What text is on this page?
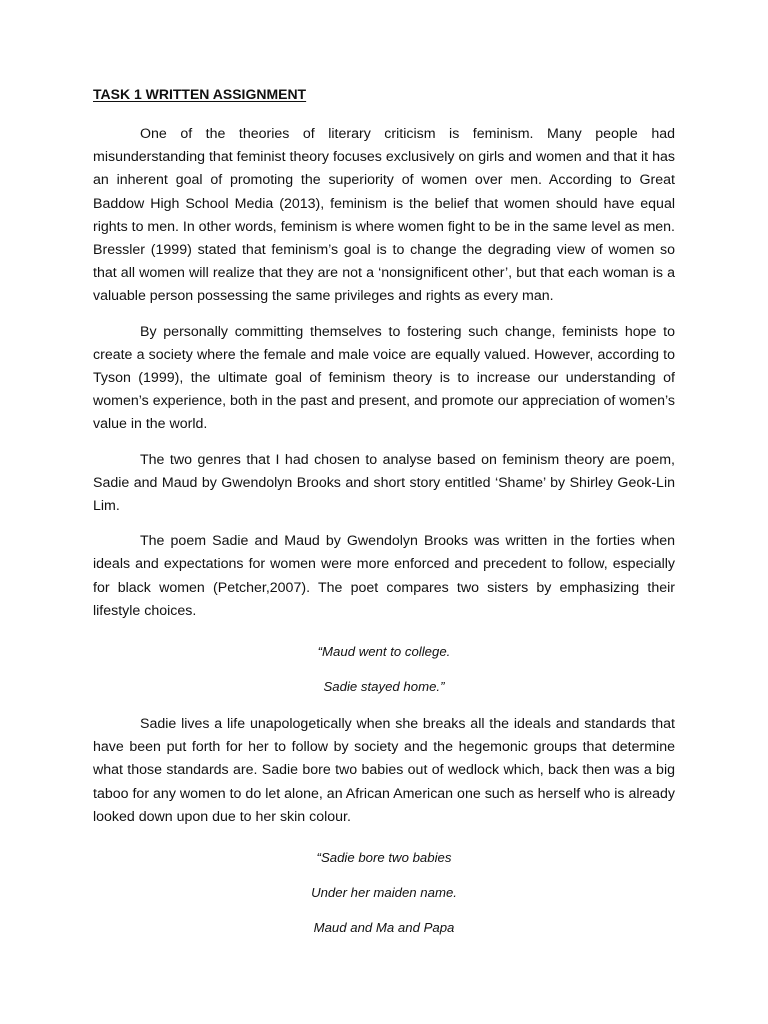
TASK 1 WRITTEN ASSIGNMENT

One of the theories of literary criticism is feminism. Many people had misunderstanding that feminist theory focuses exclusively on girls and women and that it has an inherent goal of promoting the superiority of women over men. According to Great Baddow High School Media (2013), feminism is the belief that women should have equal rights to men. In other words, feminism is where women fight to be in the same level as men. Bressler (1999) stated that feminism’s goal is to change the degrading view of women so that all women will realize that they are not a ‘nonsignificent other’, but that each woman is a valuable person possessing the same privileges and rights as every man.

By personally committing themselves to fostering such change, feminists hope to create a society where the female and male voice are equally valued. However, according to Tyson (1999), the ultimate goal of feminism theory is to increase our understanding of women’s experience, both in the past and present, and promote our appreciation of women’s value in the world.

The two genres that I had chosen to analyse based on feminism theory are poem, Sadie and Maud by Gwendolyn Brooks and short story entitled ‘Shame’ by Shirley Geok-Lin Lim.

The poem Sadie and Maud by Gwendolyn Brooks was written in the forties when ideals and expectations for women were more enforced and precedent to follow, especially for black women (Petcher,2007). The poet compares two sisters by emphasizing their lifestyle choices.

“Maud went to college.
Sadie stayed home.”

Sadie lives a life unapologetically when she breaks all the ideals and standards that have been put forth for her to follow by society and the hegemonic groups that determine what those standards are. Sadie bore two babies out of wedlock which, back then was a big taboo for any women to do let alone, an African American one such as herself who is already looked down upon due to her skin colour.

“Sadie bore two babies
Under her maiden name.
Maud and Ma and Papa
